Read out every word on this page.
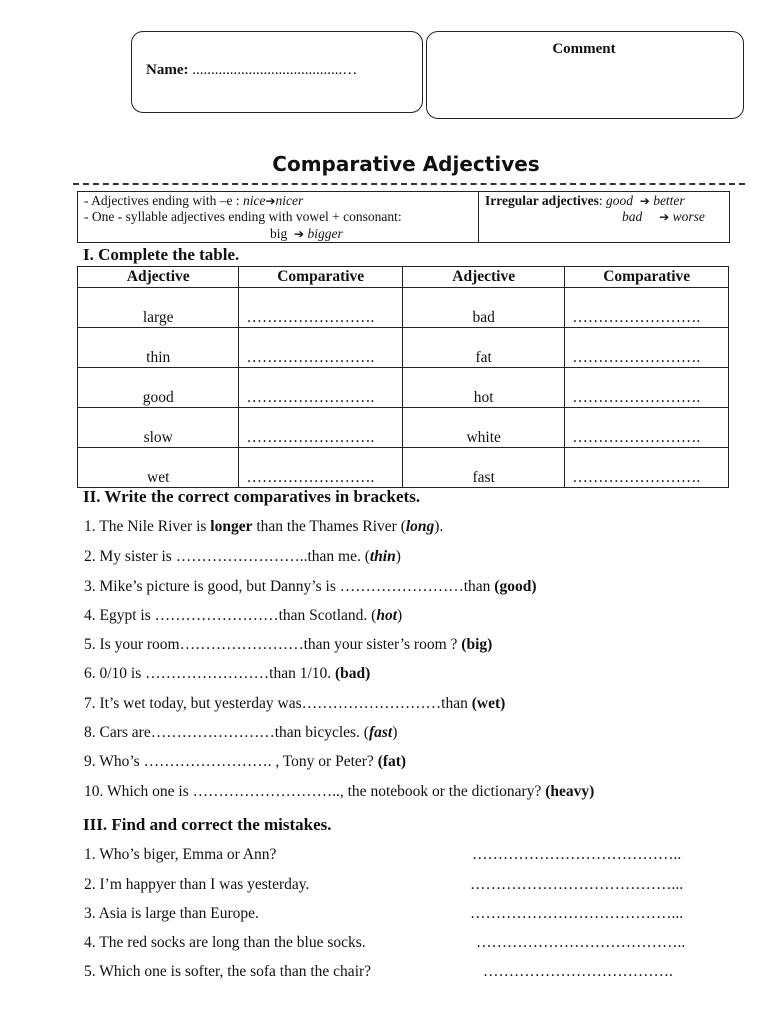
Name: ........................................…
Comment
Comparative Adjectives
- Adjectives ending with –e : nice➔nicer
- One - syllable adjectives ending with vowel + consonant:
big ➔ bigger
Irregular adjectives: good ➔ better
bad ➔ worse
I. Complete the table.
Adjective	Comparative	Adjective	Comparative
large	…………………….	bad	…………………….
thin	…………………….	fat	…………………….
good	…………………….	hot	…………………….
slow	…………………….	white	…………………….
wet	…………………….	fast	…………………….
II. Write the correct comparatives in brackets.
1. The Nile River is longer than the Thames River (long).
2. My sister is ……………………..than me. (thin)
3. Mike’s picture is good, but Danny’s is ……………………than (good)
4. Egypt is ……………………than Scotland. (hot)
5. Is your room……………………than your sister’s room ? (big)
6. 0/10 is ……………………than 1/10. (bad)
7. It’s wet today, but yesterday was………………………than (wet)
8. Cars are……………………than bicycles. (fast)
9. Who’s ……………………. , Tony or Peter? (fat)
10. Which one is ……………………….., the notebook or the dictionary? (heavy)
III. Find and correct the mistakes.
1. Who’s biger, Emma or Ann?	…………………………………..
2. I’m happyer than I was yesterday.	…………………………………...
3. Asia is large than Europe.	…………………………………...
4. The red socks are long than the blue socks.	…………………………………..
5. Which one is softer, the sofa than the chair?	……………………………….
